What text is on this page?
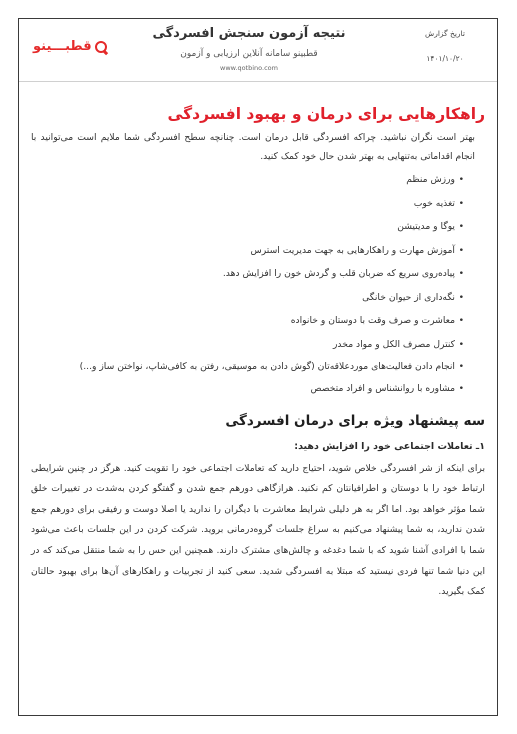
قطبـــینو
نتیجه آزمون سنجش افسردگی
قطبینو سامانه آنلاین ارزیابی و آزمون
www.qotbino.com
تاریخ گزارش
۱۴۰۱/۱۰/۲۰
راهکارهایی برای درمان و بهبود افسردگی

بهتر است نگران نباشید. چراکه افسردگی قابل درمان است. چنانچه سطح افسردگی شما ملایم است می‌توانید با انجام اقداماتی به‌تنهایی به بهتر شدن حال خود کمک کنید.

• ورزش منظم
• تغذیه خوب
• یوگا و مدیتیشن
• آموزش مهارت و راهکارهایی به جهت مدیریت استرس
• پیاده‌روی سریع که ضربان قلب و گردش خون را افزایش دهد.
• نگه‌داری از حیوان خانگی
• معاشرت و صرف وقت با دوستان و خانواده
• کنترل مصرف الکل و مواد مخدر
• انجام دادن فعالیت‌های موردعلاقه‌تان (گوش دادن به موسیقی، رفتن به کافی‌شاپ، نواختن ساز و...)
• مشاوره با روانشناس و افراد متخصص
سه پیشنهاد ویژه برای درمان افسردگی
۱ـ تعاملات اجتماعی خود را افزایش دهید:

برای اینکه از شر افسردگی خلاص شوید، احتیاج دارید که تعاملات اجتماعی خود را تقویت کنید. هرگز در چنین شرایطی ارتباط خود را با دوستان و اطرافیانتان کم نکنید. هرازگاهی دورهم جمع شدن و گفتگو کردن به‌شدت در تغییرات خلق شما مؤثر خواهد بود. اما اگر به هر دلیلی شرایط معاشرت با دیگران را ندارید یا اصلا دوست و رفیقی برای دورهم جمع شدن ندارید، به شما پیشنهاد می‌کنیم به سراغ جلسات گروه‌درمانی بروید. شرکت کردن در این جلسات باعث می‌شود شما با افرادی آشنا شوید که با شما دغدغه و چالش‌های مشترک دارند. همچنین این حس را به شما منتقل می‌کند که در این دنیا شما تنها فردی نیستید که مبتلا به افسردگی شدید. سعی کنید از تجربیات و راهکارهای آن‌ها برای بهبود حالتان کمک بگیرید.
